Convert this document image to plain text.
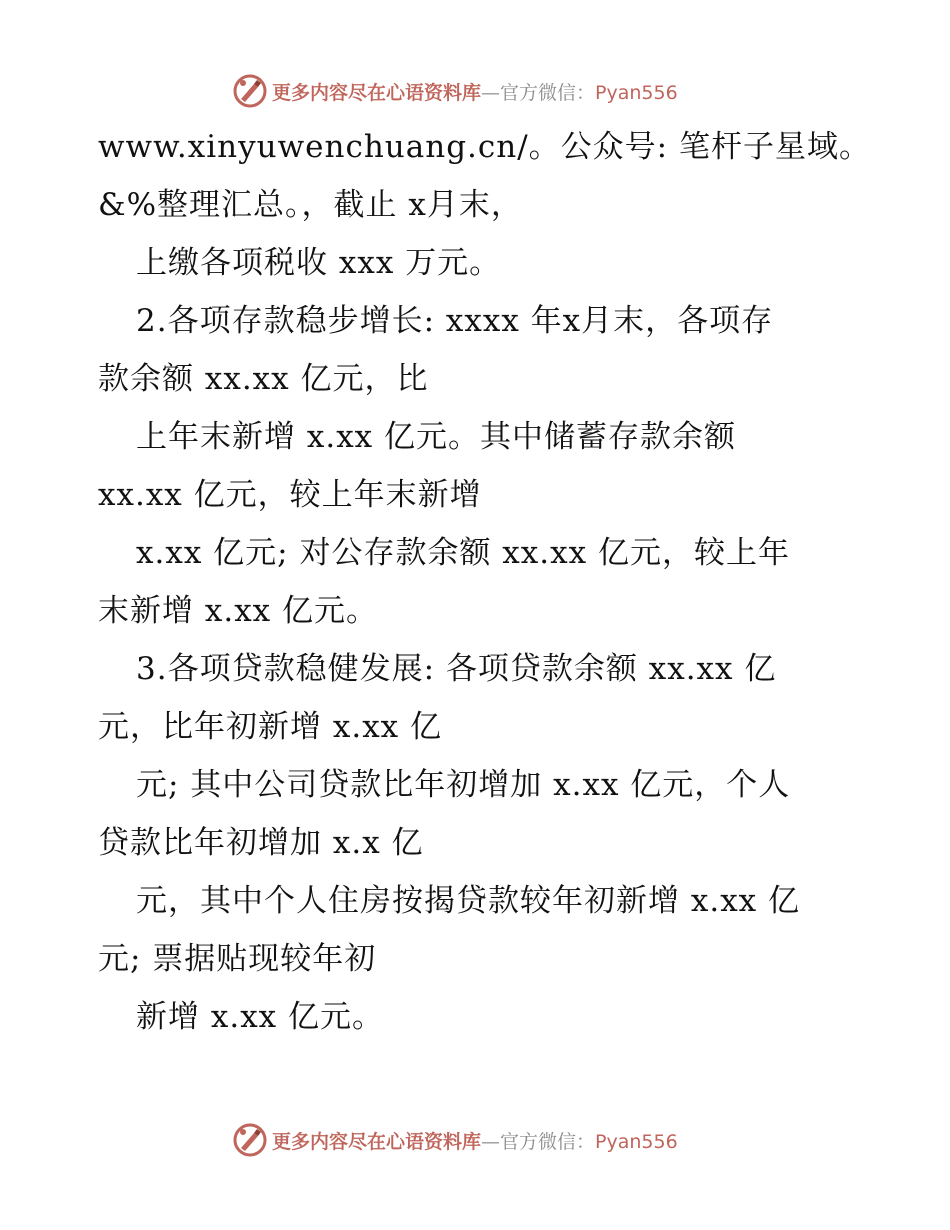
更多内容尽在心语资料库—官方微信：Pyan556
www.xinyuwenchuang.cn/。公众号: 笔杆子星域。
&%整理汇总。，截止 x月末，
上缴各项税收 xxx 万元。
2.各项存款稳步增长: xxxx 年x月末，各项存
款余额 xx.xx 亿元，比
上年末新增 x.xx 亿元。其中储蓄存款余额
xx.xx 亿元，较上年末新增
x.xx 亿元; 对公存款余额 xx.xx 亿元，较上年
末新增 x.xx 亿元。
3.各项贷款稳健发展: 各项贷款余额 xx.xx 亿
元，比年初新增 x.xx 亿
元; 其中公司贷款比年初增加 x.xx 亿元，个人
贷款比年初增加 x.x 亿
元，其中个人住房按揭贷款较年初新增 x.xx 亿
元; 票据贴现较年初
新增 x.xx 亿元。
更多内容尽在心语资料库—官方微信：Pyan556
